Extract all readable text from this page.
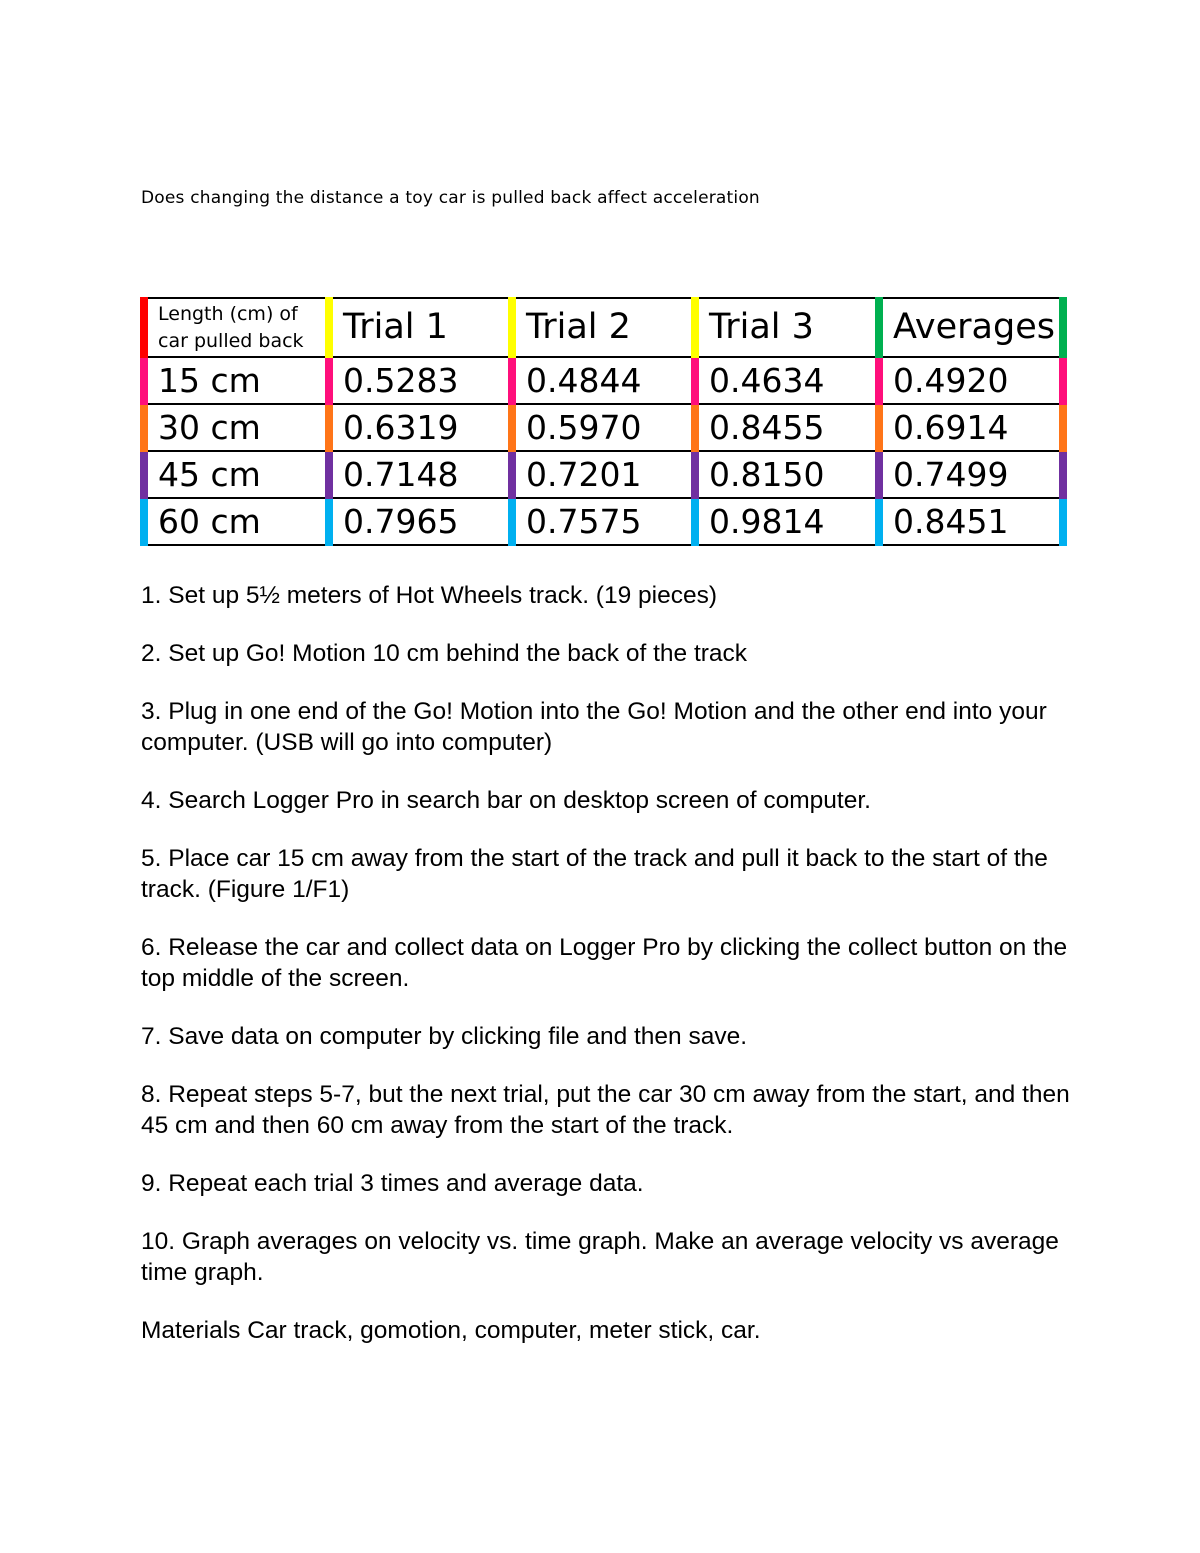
Does changing the distance a toy car is pulled back affect acceleration
Length (cm) of car pulled back	Trial 1	Trial 2	Trial 3	Averages
15 cm	0.5283	0.4844	0.4634	0.4920
30 cm	0.6319	0.5970	0.8455	0.6914
45 cm	0.7148	0.7201	0.8150	0.7499
60 cm	0.7965	0.7575	0.9814	0.8451

1. Set up 5½ meters of Hot Wheels track. (19 pieces)

2. Set up Go! Motion 10 cm behind the back of the track

3. Plug in one end of the Go! Motion into the Go! Motion and the other end into your computer. (USB will go into computer)

4. Search Logger Pro in search bar on desktop screen of computer.

5. Place car 15 cm away from the start of the track and pull it back to the start of the track. (Figure 1/F1)

6. Release the car and collect data on Logger Pro by clicking the collect button on the top middle of the screen.

7. Save data on computer by clicking file and then save.

8. Repeat steps 5-7, but the next trial, put the car 30 cm away from the start, and then 45 cm and then 60 cm away from the start of the track.

9. Repeat each trial 3 times and average data.

10. Graph averages on velocity vs. time graph. Make an average velocity vs average time graph.

Materials Car track, gomotion, computer, meter stick, car.
